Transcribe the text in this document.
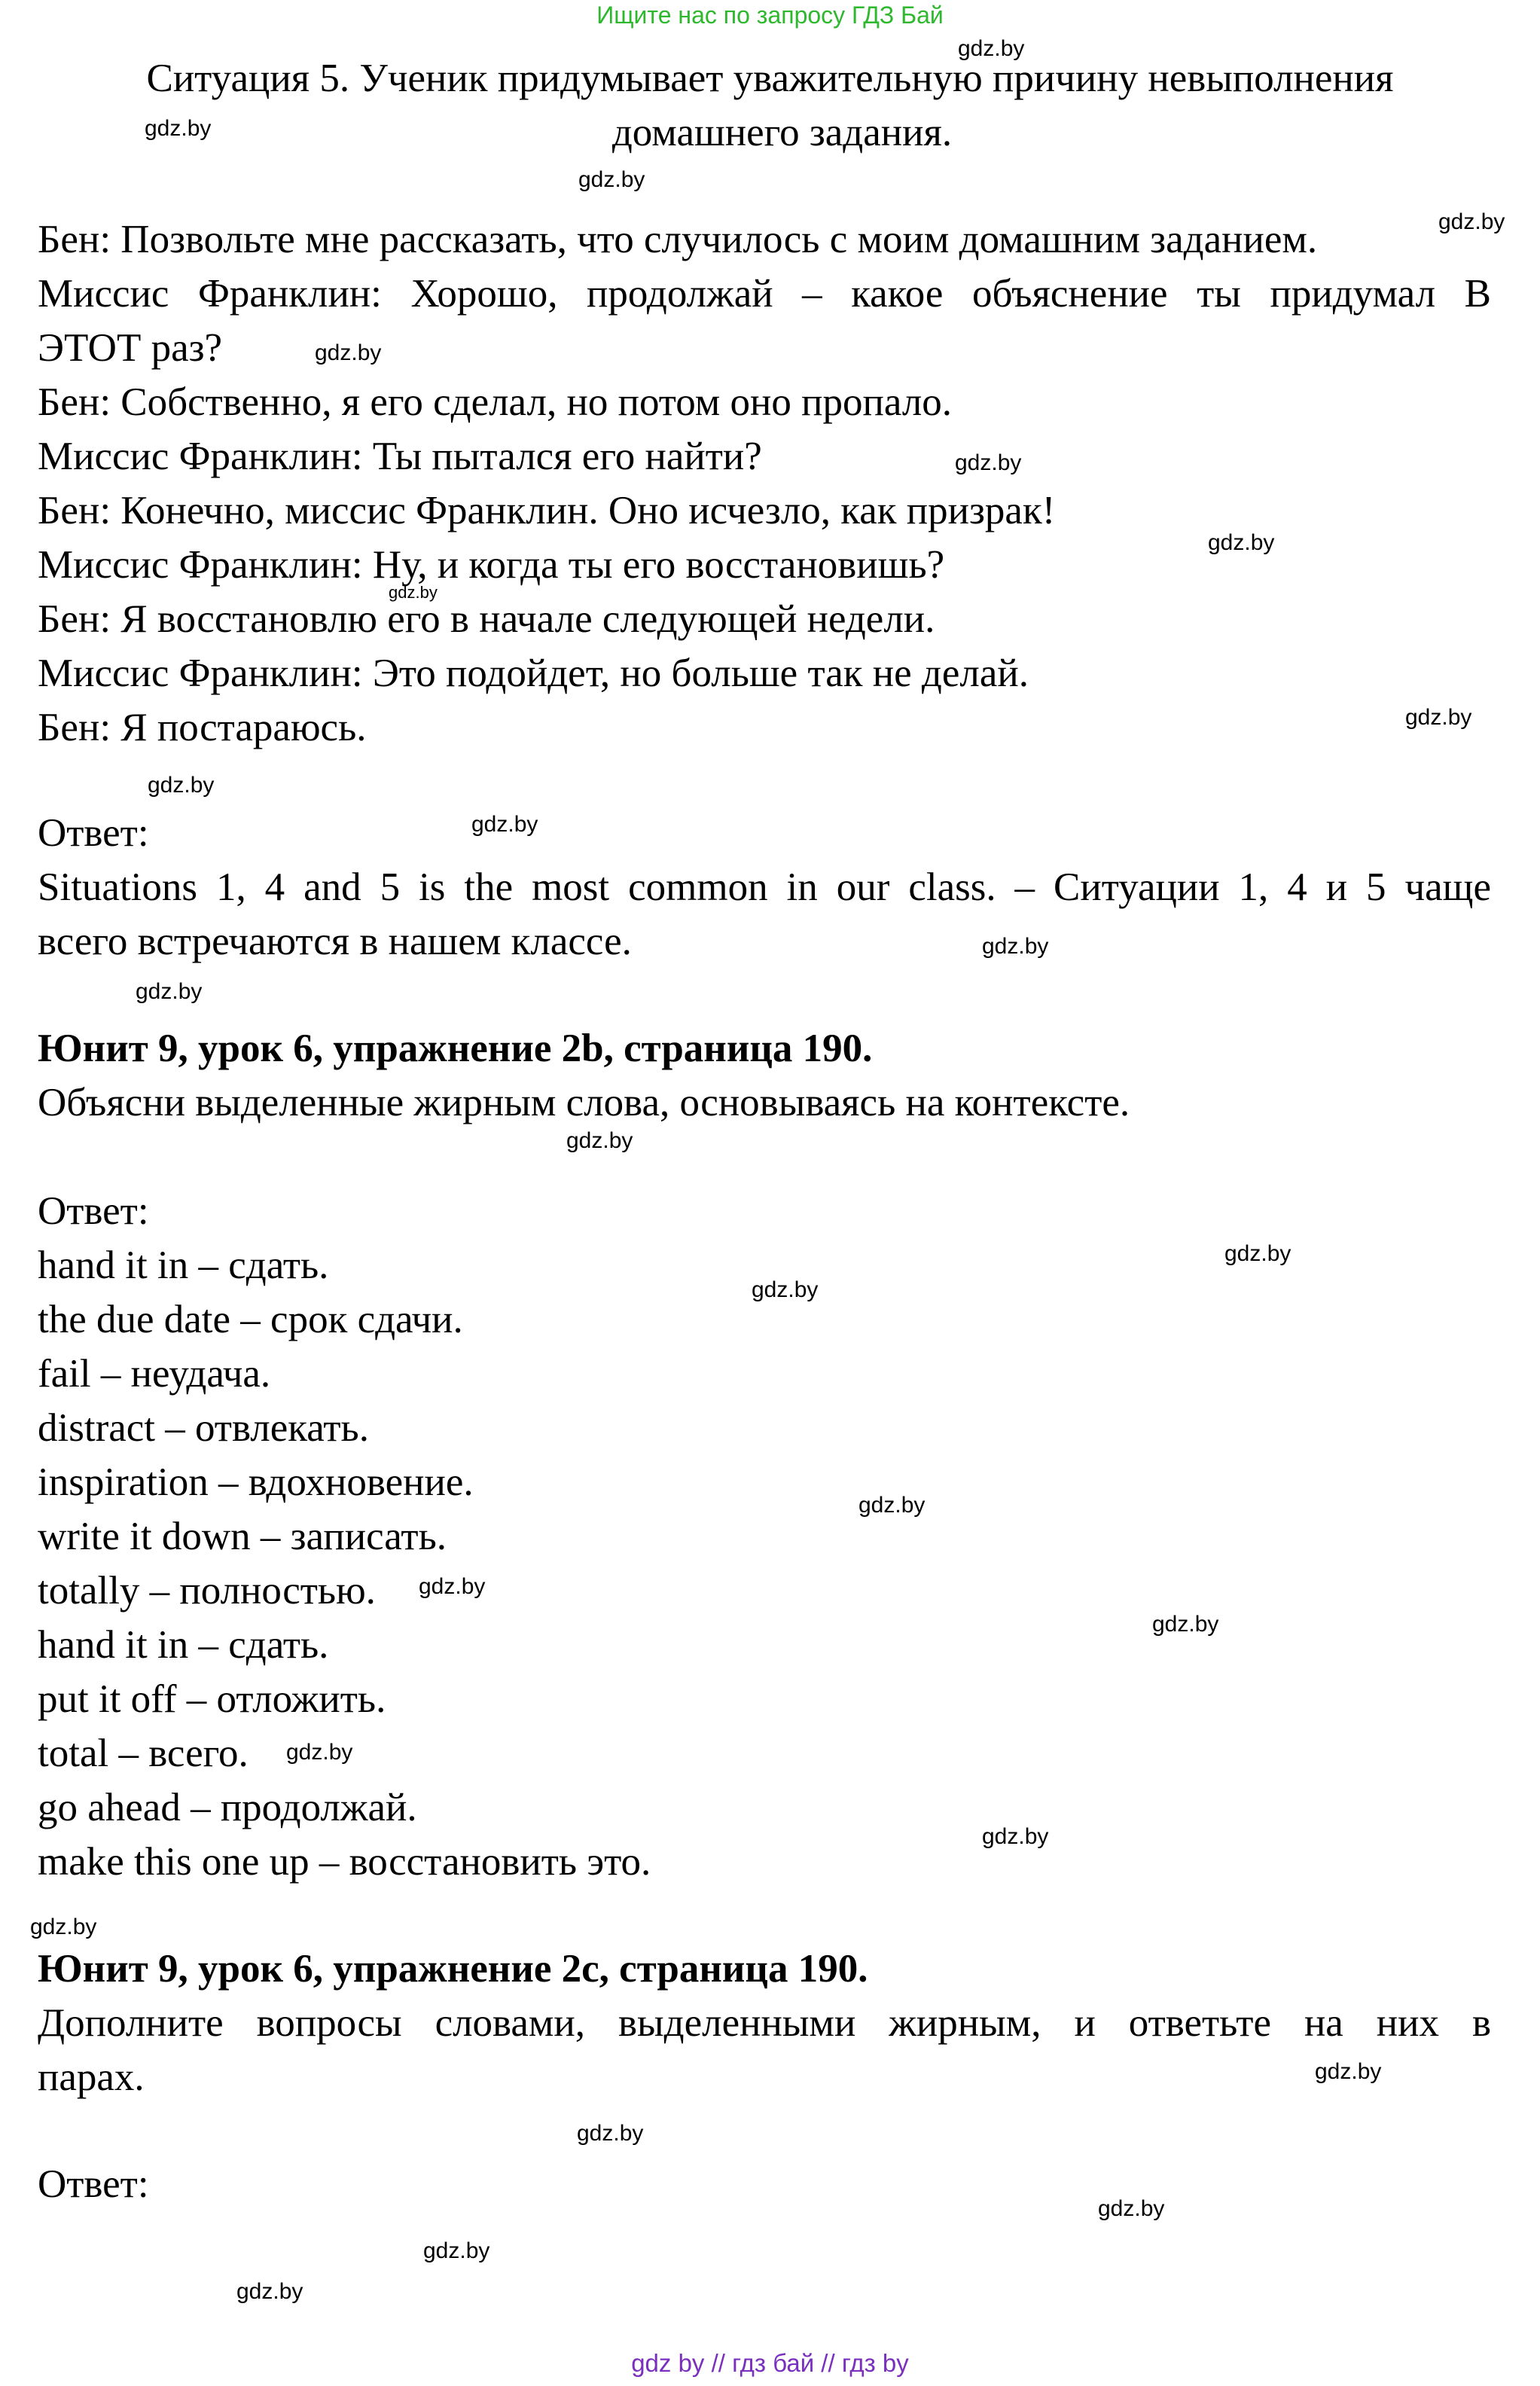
Ищите нас по запросу ГДЗ Бай
Ситуация 5. Ученик придумывает уважительную причину невыполнения
домашнего задания.
Бен: Позвольте мне рассказать, что случилось с моим домашним заданием.
Миссис Франклин: Хорошо, продолжай – какое объяснение ты придумал В
ЭТОТ раз?
Бен: Собственно, я его сделал, но потом оно пропало.
Миссис Франклин: Ты пытался его найти?
Бен: Конечно, миссис Франклин. Оно исчезло, как призрак!
Миссис Франклин: Ну, и когда ты его восстановишь?
Бен: Я восстановлю его в начале следующей недели.
Миссис Франклин: Это подойдет, но больше так не делай.
Бен: Я постараюсь.
Ответ:
Situations 1, 4 and 5 is the most common in our class. – Ситуации 1, 4 и 5 чаще
всего встречаются в нашем классе.
Юнит 9, урок 6, упражнение 2b, страница 190.
Объясни выделенные жирным слова, основываясь на контексте.
Ответ:
hand it in – сдать.
the due date – срок сдачи.
fail – неудача.
distract – отвлекать.
inspiration – вдохновение.
write it down – записать.
totally – полностью.
hand it in – сдать.
put it off – отложить.
total – всего.
go ahead – продолжай.
make this one up – восстановить это.
Юнит 9, урок 6, упражнение 2c, страница 190.
Дополните вопросы словами, выделенными жирным, и ответьте на них в
парах.
Ответ:
gdz.by
gdz.by
gdz.by
gdz.by
gdz.by
gdz.by
gdz.by
gdz.by
gdz.by
gdz.by
gdz.by
gdz.by
gdz.by
gdz.by
gdz.by
gdz.by
gdz.by
gdz.by
gdz.by
gdz.by
gdz.by
gdz.by
gdz.by
gdz.by
gdz.by
gdz.by
gdz.by
gdz by // гдз бай // гдз by
